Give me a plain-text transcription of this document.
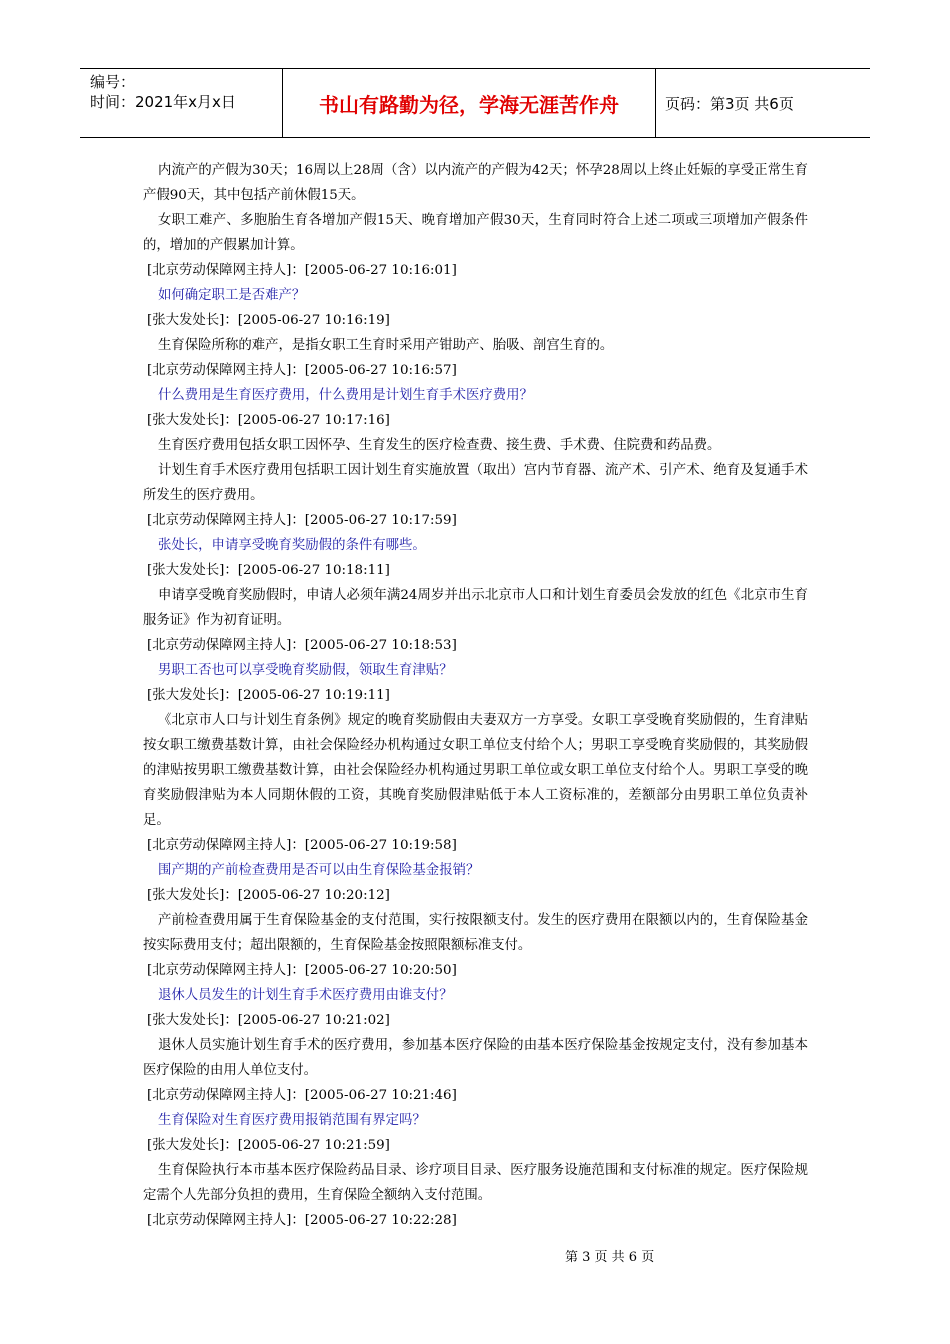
编号：
时间：2021年x月x日	书山有路勤为径，学海无涯苦作舟	页码：第3页 共6页

内流产的产假为30天；16周以上28周（含）以内流产的产假为42天；怀孕28周以上终止妊娠的享受正常生育产假90天，其中包括产前休假15天。

女职工难产、多胞胎生育各增加产假15天、晚育增加产假30天，生育同时符合上述二项或三项增加产假条件的，增加的产假累加计算。

[北京劳动保障网主持人]：[2005-06-27 10:16:01]

如何确定职工是否难产？

[张大发处长]：[2005-06-27 10:16:19]

生育保险所称的难产，是指女职工生育时采用产钳助产、胎吸、剖宫生育的。

[北京劳动保障网主持人]：[2005-06-27 10:16:57]

什么费用是生育医疗费用，什么费用是计划生育手术医疗费用？

[张大发处长]：[2005-06-27 10:17:16]

生育医疗费用包括女职工因怀孕、生育发生的医疗检查费、接生费、手术费、住院费和药品费。

计划生育手术医疗费用包括职工因计划生育实施放置（取出）宫内节育器、流产术、引产术、绝育及复通手术所发生的医疗费用。

[北京劳动保障网主持人]：[2005-06-27 10:17:59]

张处长，申请享受晚育奖励假的条件有哪些。

[张大发处长]：[2005-06-27 10:18:11]

申请享受晚育奖励假时，申请人必须年满24周岁并出示北京市人口和计划生育委员会发放的红色《北京市生育服务证》作为初育证明。

[北京劳动保障网主持人]：[2005-06-27 10:18:53]

男职工否也可以享受晚育奖励假，领取生育津贴？

[张大发处长]：[2005-06-27 10:19:11]

《北京市人口与计划生育条例》规定的晚育奖励假由夫妻双方一方享受。女职工享受晚育奖励假的，生育津贴按女职工缴费基数计算，由社会保险经办机构通过女职工单位支付给个人；男职工享受晚育奖励假的，其奖励假的津贴按男职工缴费基数计算，由社会保险经办机构通过男职工单位或女职工单位支付给个人。男职工享受的晚育奖励假津贴为本人同期休假的工资，其晚育奖励假津贴低于本人工资标准的，差额部分由男职工单位负责补足。

[北京劳动保障网主持人]：[2005-06-27 10:19:58]

围产期的产前检查费用是否可以由生育保险基金报销？

[张大发处长]：[2005-06-27 10:20:12]

产前检查费用属于生育保险基金的支付范围，实行按限额支付。发生的医疗费用在限额以内的，生育保险基金按实际费用支付；超出限额的，生育保险基金按照限额标准支付。

[北京劳动保障网主持人]：[2005-06-27 10:20:50]

退休人员发生的计划生育手术医疗费用由谁支付？

[张大发处长]：[2005-06-27 10:21:02]

退休人员实施计划生育手术的医疗费用，参加基本医疗保险的由基本医疗保险基金按规定支付，没有参加基本医疗保险的由用人单位支付。

[北京劳动保障网主持人]：[2005-06-27 10:21:46]

生育保险对生育医疗费用报销范围有界定吗？

[张大发处长]：[2005-06-27 10:21:59]

生育保险执行本市基本医疗保险药品目录、诊疗项目目录、医疗服务设施范围和支付标准的规定。医疗保险规定需个人先部分负担的费用，生育保险全额纳入支付范围。

[北京劳动保障网主持人]：[2005-06-27 10:22:28]

第 3 页 共 6 页
